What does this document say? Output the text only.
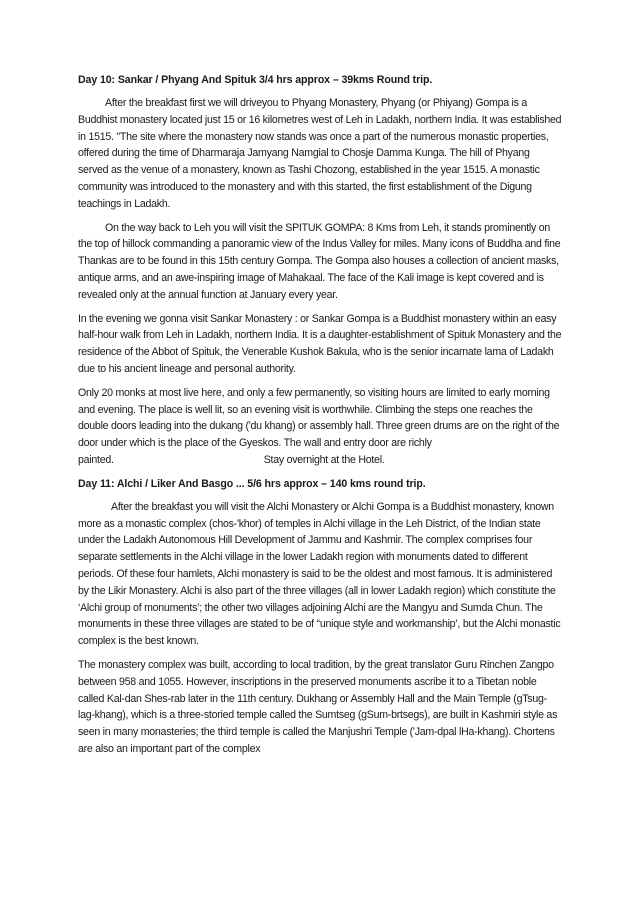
Day 10: Sankar / Phyang And Spituk 3/4 hrs approx – 39kms Round trip.

After the breakfast first we will driveyou to Phyang Monastery, Phyang (or Phiyang) Gompa is a Buddhist monastery located just 15 or 16 kilometres west of Leh in Ladakh, northern India. It was established in 1515. "The site where the monastery now stands was once a part of the numerous monastic properties, offered during the time of Dharmaraja Jamyang Namgial to Chosje Damma Kunga. The hill of Phyang served as the venue of a monastery, known as Tashi Chozong, established in the year 1515. A monastic community was introduced to the monastery and with this started, the first establishment of the Digung teachings in Ladakh.

On the way back to Leh you will visit the SPITUK GOMPA: 8 Kms from Leh, it stands prominently on the top of hillock commanding a panoramic view of the Indus Valley for miles. Many icons of Buddha and fine Thankas are to be found in this 15th century Gompa. The Gompa also houses a collection of ancient masks, antique arms, and an awe-inspiring image of Mahakaal. The face of the Kali image is kept covered and is revealed only at the annual function at January every year.

In the evening we gonna visit Sankar Monastery : or Sankar Gompa is a Buddhist monastery within an easy half-hour walk from Leh in Ladakh, northern India. It is a daughter-establishment of Spituk Monastery and the residence of the Abbot of Spituk, the Venerable Kushok Bakula, who is the senior incarnate lama of Ladakh due to his ancient lineage and personal authority.

Only 20 monks at most live here, and only a few permanently, so visiting hours are limited to early morning and evening. The place is well lit, so an evening visit is worthwhile. Climbing the steps one reaches the double doors leading into the dukang ('du khang) or assembly hall. Three green drums are on the right of the door under which is the place of the Gyeskos. The wall and entry door are richly painted.	Stay overnight at the Hotel.

Day 11: Alchi / Liker And Basgo ... 5/6 hrs approx – 140 kms round trip.

After the breakfast you will visit the Alchi Monastery or Alchi Gompa is a Buddhist monastery, known more as a monastic complex (chos-'khor) of temples in Alchi village in the Leh District, of the Indian state under the Ladakh Autonomous Hill Development of Jammu and Kashmir. The complex comprises four separate settlements in the Alchi village in the lower Ladakh region with monuments dated to different periods. Of these four hamlets, Alchi monastery is said to be the oldest and most famous. It is administered by the Likir Monastery. Alchi is also part of the three villages (all in lower Ladakh region) which constitute the ‘Alchi group of monuments’; the other two villages adjoining Alchi are the Mangyu and Sumda Chun. The monuments in these three villages are stated to be of “unique style and workmanship’, but the Alchi monastic complex is the best known.

The monastery complex was built, according to local tradition, by the great translator Guru Rinchen Zangpo between 958 and 1055. However, inscriptions in the preserved monuments ascribe it to a Tibetan noble called Kal-dan Shes-rab later in the 11th century. Dukhang or Assembly Hall and the Main Temple (gTsug-lag-khang), which is a three-storied temple called the Sumtseg (gSum-brtsegs), are built in Kashmiri style as seen in many monasteries; the third temple is called the Manjushri Temple ('Jam-dpal lHa-khang). Chortens are also an important part of the complex
